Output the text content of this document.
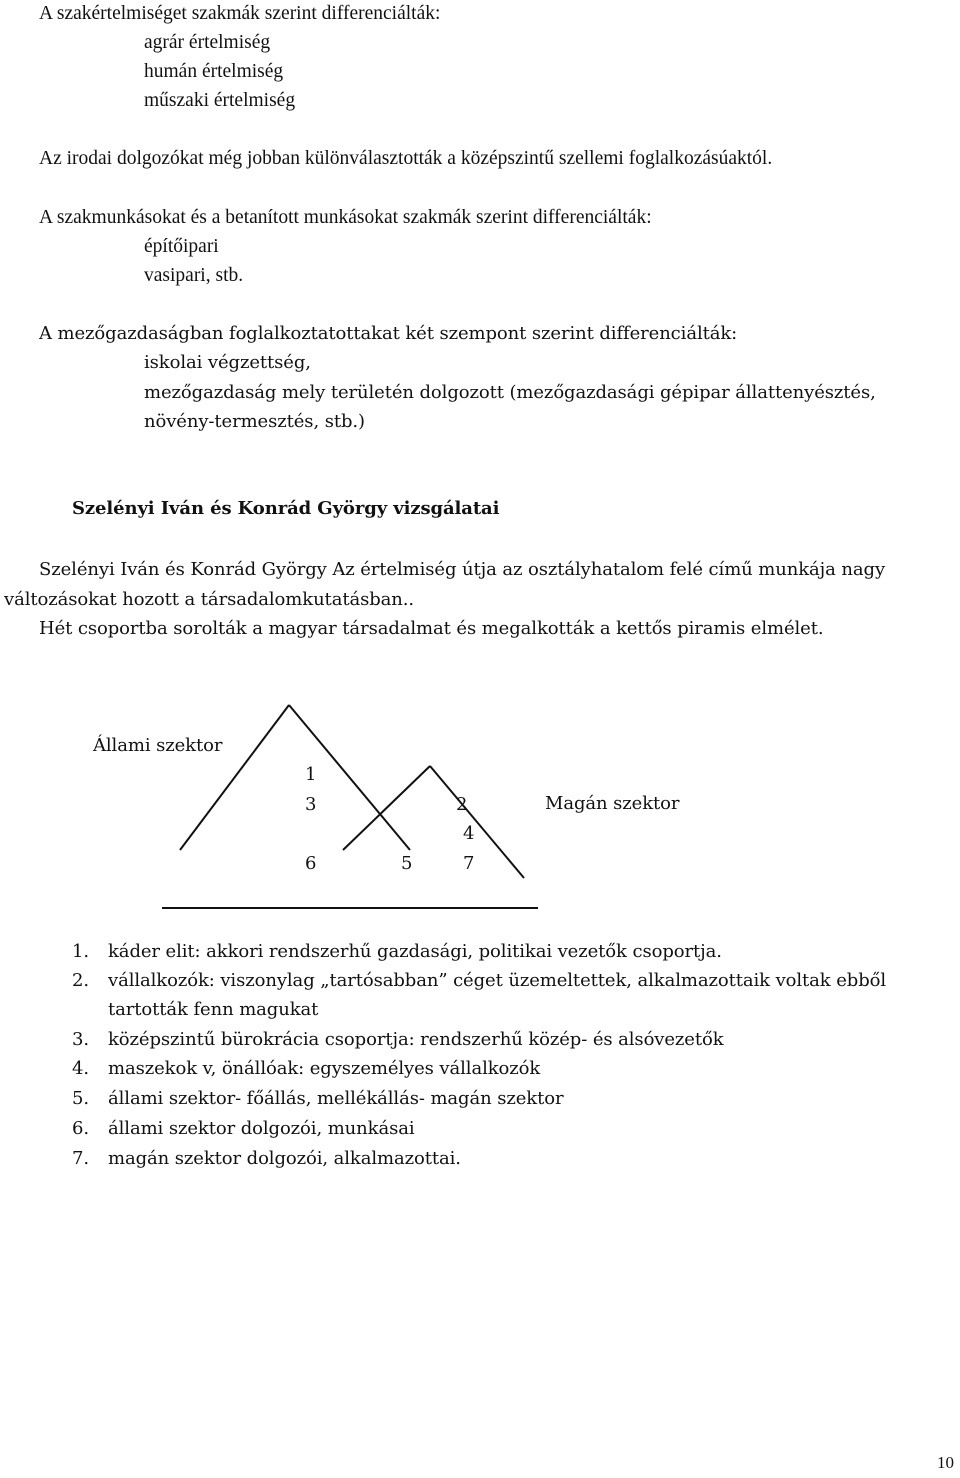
A szakértelmiséget szakmák szerint differenciálták:
agrár értelmiség
humán értelmiség
műszaki értelmiség
Az irodai dolgozókat még jobban különválasztották a középszintű szellemi foglalkozásúaktól.
A szakmunkásokat és a betanított munkásokat szakmák szerint differenciálták:
építőipari
vasipari, stb.
A mezőgazdaságban foglalkoztatottakat két szempont szerint differenciálták:
iskolai végzettség,
mezőgazdaság mely területén dolgozott (mezőgazdasági gépipar állattenyésztés,
növény-termesztés, stb.)
Szelényi Iván és Konrád György vizsgálatai
Szelényi Iván és Konrád György Az értelmiség útja az osztályhatalom felé című munkája nagy
változásokat hozott a társadalomkutatásban..
Hét csoportba sorolták a magyar társadalmat és megalkották a kettős piramis elmélet.
Állami szektor
Magán szektor
1
3	2
4
6	5	7
1. káder elit: akkori rendszerhű gazdasági, politikai vezetők csoportja.
2. vállalkozók: viszonylag „tartósabban” céget üzemeltettek, alkalmazottaik voltak ebből
tartották fenn magukat
3. középszintű bürokrácia csoportja: rendszerhű közép- és alsóvezetők
4. maszekok v, önállóak: egyszemélyes vállalkozók
5. állami szektor- főállás, mellékállás- magán szektor
6. állami szektor dolgozói, munkásai
7. magán szektor dolgozói, alkalmazottai.
10
